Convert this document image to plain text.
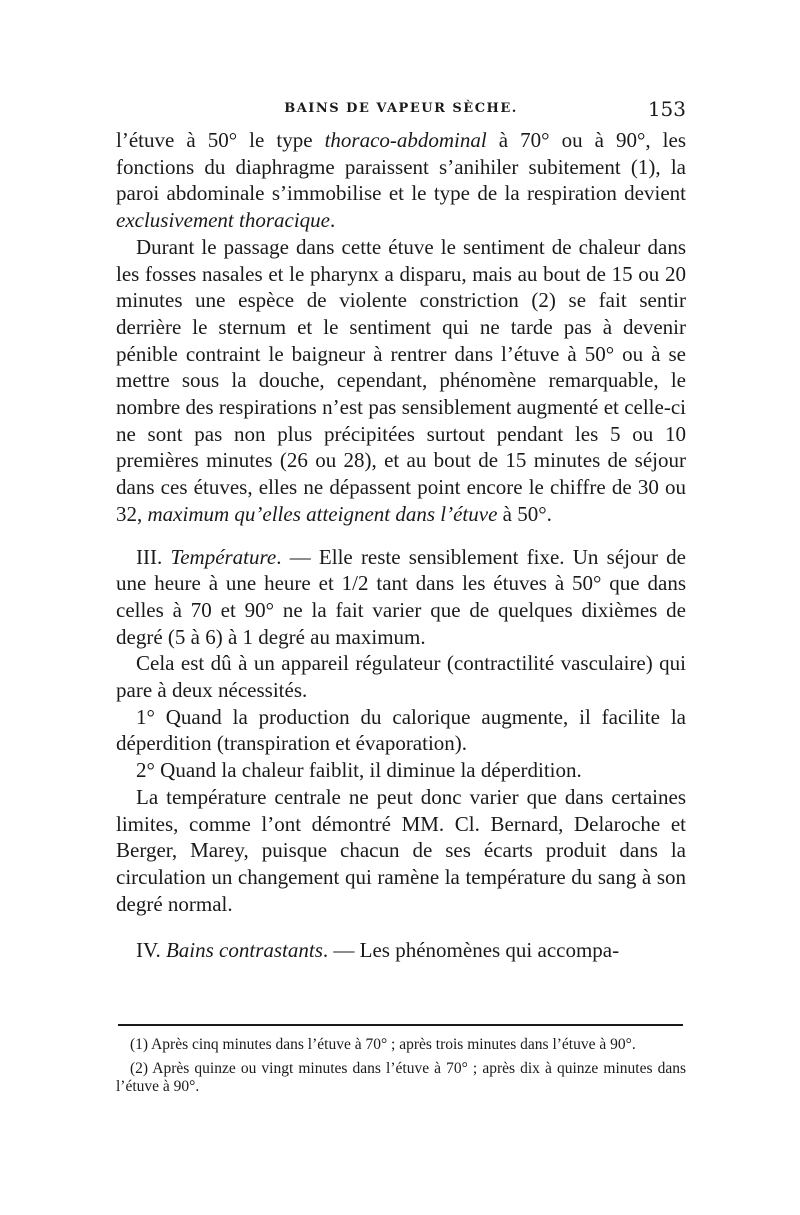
BAINS DE VAPEUR SÈCHE.	153

l’étuve à 50° le type thoraco-abdominal à 70° ou à 90°, les fonctions du diaphragme paraissent s’anihiler subitement (1), la paroi abdominale s’immobilise et le type de la respiration devient exclusivement thoracique.

Durant le passage dans cette étuve le sentiment de chaleur dans les fosses nasales et le pharynx a disparu, mais au bout de 15 ou 20 minutes une espèce de violente constriction (2) se fait sentir derrière le sternum et le sentiment qui ne tarde pas à devenir pénible contraint le baigneur à rentrer dans l’étuve à 50° ou à se mettre sous la douche, cependant, phénomène remarquable, le nombre des respirations n’est pas sensiblement augmenté et celle-ci ne sont pas non plus précipitées surtout pendant les 5 ou 10 premières minutes (26 ou 28), et au bout de 15 minutes de séjour dans ces étuves, elles ne dépassent point encore le chiffre de 30 ou 32, maximum qu’elles atteignent dans l’étuve à 50°.

III. Température. — Elle reste sensiblement fixe. Un séjour de une heure à une heure et 1/2 tant dans les étuves à 50° que dans celles à 70 et 90° ne la fait varier que de quelques dixièmes de degré (5 à 6) à 1 degré au maximum.

Cela est dû à un appareil régulateur (contractilité vasculaire) qui pare à deux nécessités.

1° Quand la production du calorique augmente, il facilite la déperdition (transpiration et évaporation).

2° Quand la chaleur faiblit, il diminue la déperdition.

La température centrale ne peut donc varier que dans certaines limites, comme l’ont démontré MM. Cl. Bernard, Delaroche et Berger, Marey, puisque chacun de ses écarts produit dans la circulation un changement qui ramène la température du sang à son degré normal.

IV. Bains contrastants. — Les phénomènes qui accompa-

(1) Après cinq minutes dans l’étuve à 70° ; après trois minutes dans l’étuve à 90°.

(2) Après quinze ou vingt minutes dans l’étuve à 70° ; après dix à quinze minutes dans l’étuve à 90°.
